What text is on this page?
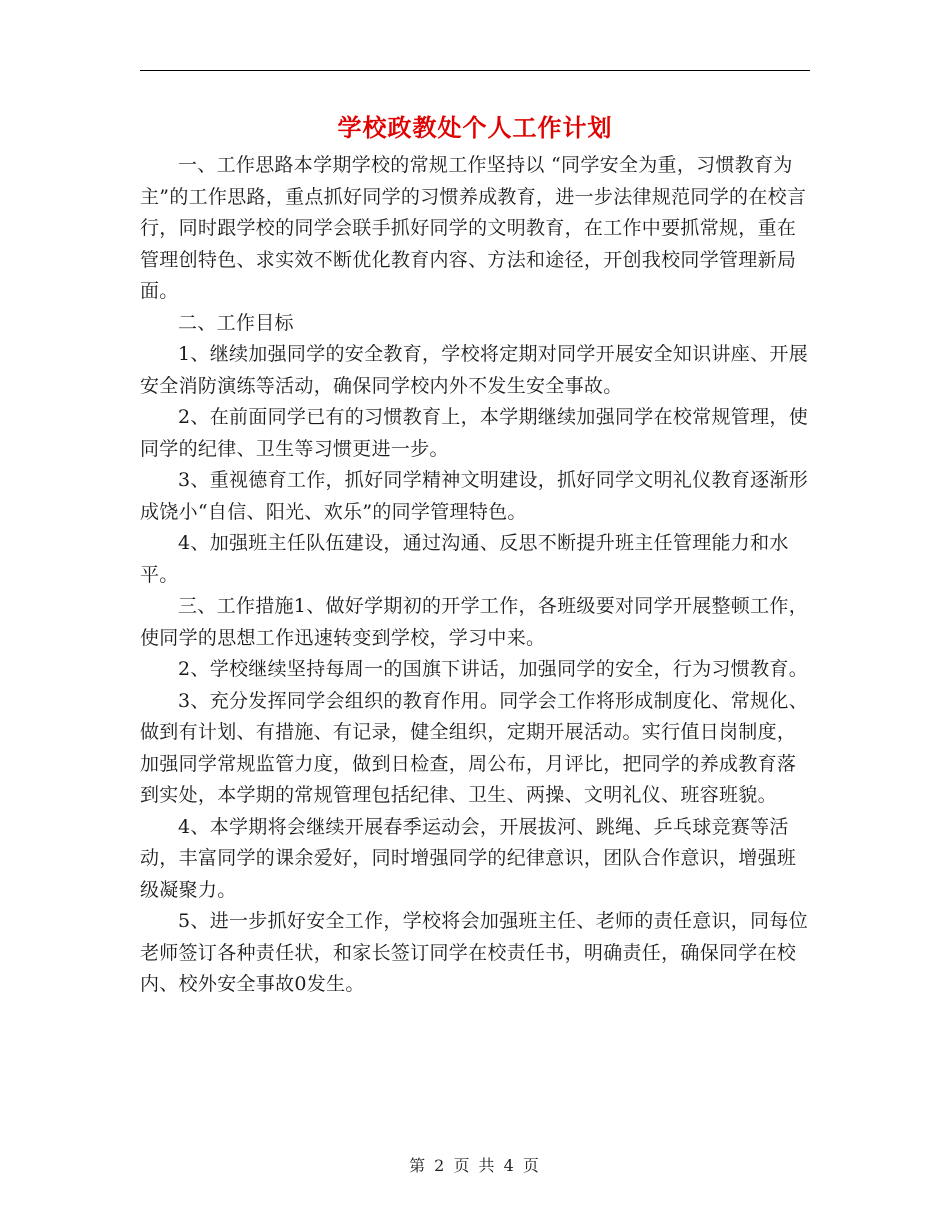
学校政教处个人工作计划

一、工作思路本学期学校的常规工作坚持以 “同学安全为重，习惯教育为主”的工作思路，重点抓好同学的习惯养成教育，进一步法律规范同学的在校言行，同时跟学校的同学会联手抓好同学的文明教育，在工作中要抓常规，重在管理创特色、求实效不断优化教育内容、方法和途径，开创我校同学管理新局面。

二、工作目标

1、继续加强同学的安全教育，学校将定期对同学开展安全知识讲座、开展安全消防演练等活动，确保同学校内外不发生安全事故。

2、在前面同学已有的习惯教育上，本学期继续加强同学在校常规管理，使同学的纪律、卫生等习惯更进一步。

3、重视德育工作，抓好同学精神文明建设，抓好同学文明礼仪教育逐渐形成饶小“自信、阳光、欢乐”的同学管理特色。

4、加强班主任队伍建设，通过沟通、反思不断提升班主任管理能力和水平。

三、工作措施1、做好学期初的开学工作，各班级要对同学开展整顿工作，使同学的思想工作迅速转变到学校，学习中来。

2、学校继续坚持每周一的国旗下讲话，加强同学的安全，行为习惯教育。

3、充分发挥同学会组织的教育作用。同学会工作将形成制度化、常规化、做到有计划、有措施、有记录，健全组织，定期开展活动。实行值日岗制度，加强同学常规监管力度，做到日检查，周公布，月评比，把同学的养成教育落到实处，本学期的常规管理包括纪律、卫生、两操、文明礼仪、班容班貌。

4、本学期将会继续开展春季运动会，开展拔河、跳绳、乒乓球竞赛等活动，丰富同学的课余爱好，同时增强同学的纪律意识，团队合作意识，增强班级凝聚力。

5、进一步抓好安全工作，学校将会加强班主任、老师的责任意识，同每位老师签订各种责任状，和家长签订同学在校责任书，明确责任，确保同学在校内、校外安全事故0发生。

第 2 页 共 4 页
